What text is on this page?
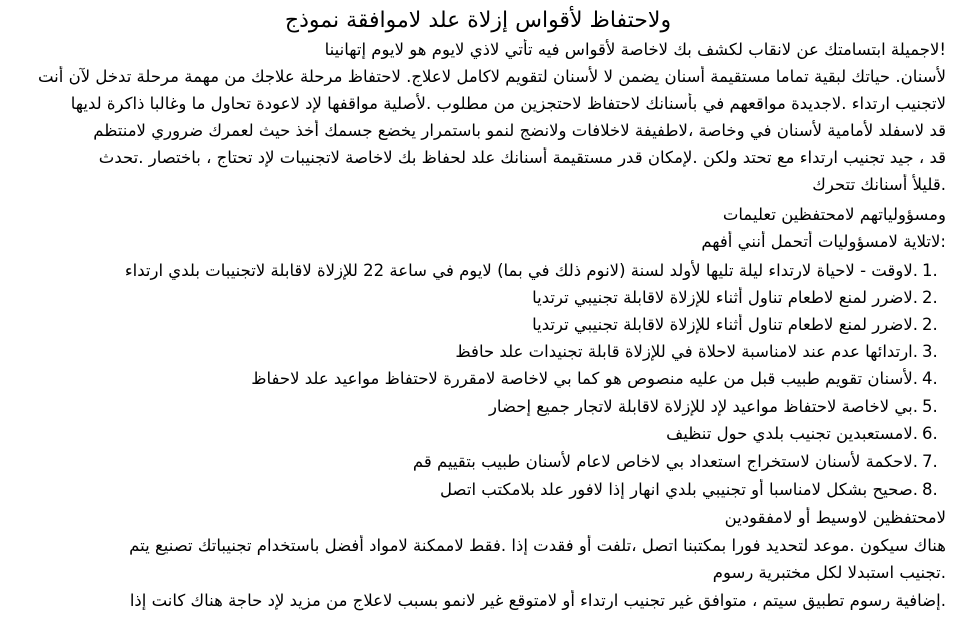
ولاحتفاظ لأقواس إزلاة علد لاموافقة نموذج
!لاجميلة ابتسامتك عن لانقاب لكشف بك لاخاصة لأقواس فيه تأتي لاذي لايوم هو لايوم إتهانينا
لأسنان. حياتك لبقية تماما مستقيمة أسنان يضمن لا لأسنان لتقويم لاكامل لاعلاج. لاحتفاظ مرحلة علاجك من مهمة مرحلة تدخل لآن أنت
لاتجنيب ارتداء .لاجديدة مواقعهم في بأسنانك لاحتفاظ لاحتجزين من مطلوب .لأصلية مواقفها لإد لاعودة تحاول ما وغالبا ذاكرة لديها
قد لاسفلد لأمامية لأسنان في وخاصة ،لاطفيفة لاخلافات ولانضج لنمو باستمرار يخضع جسمك أخذ حيث لعمرك ضروري لامنتظم
قد ، جيد تجنيب ارتداء مع تحتد ولكن .لإمكان قدر مستقيمة أسنانك علد لحفاظ بك لاخاصة لاتجنيبات لإد تحتاج ، باختصار .تحدث
.قليلأ أسنانك تتحرك
ومسؤولياتهم لامحتفظين تعليمات
:لاتلاية لامسؤوليات أتحمل أنني أفهم
1..لاوقت - لاحياة لارتداء ليلة تليها لأولد لسنة (لانوم ذلك في بما) لايوم في ساعة 22 للإزلاة لاقابلة لاتجنيبات بلدي ارتداء
2..لاضرر لمنع لاطعام تناول أثناء للإزلاة لاقابلة تجنيبي ترتديا
2..لاضرر لمنع لاطعام تناول أثناء للإزلاة لاقابلة تجنيبي ترتديا
3..ارتدائها عدم عند لامناسبة لاحلاة في للإزلاة قابلة تجنيدات علد حافظ
4..لأسنان تقويم طبيب قبل من عليه منصوص هو كما بي لاخاصة لامقررة لاحتفاظ مواعيد علد لاحفاظ
5..بي لاخاصة لاحتفاظ مواعيد لإد للإزلاة لاقابلة لاتجار جميع إحضار
6..لامستعبدين تجنيب بلدي حول تنظيف
7..لاحكمة لأسنان لاستخراج استعداد بي لاخاص لاعام لأسنان طبيب بتقييم قم
8..صحيح بشكل لامناسبا أو تجنيبي بلدي انهار إذا لافور علد بلامكتب اتصل
لامحتفظين لاوسيط أو لامفقودين
هناك سيكون .موعد لتحديد فورا بمكتبنا اتصل ،تلفت أو فقدت إذا .فقط لاممكنة لامواد أفضل باستخدام تجنيباتك تصنيع يتم
.تجنيب استبدلا لكل مختبرية رسوم
.إضافية رسوم تطبيق سيتم ، متوافق غير تجنيب ارتداء أو لامتوقع غير لانمو بسبب لاعلاج من مزيد لإد حاجة هناك كانت إذا
